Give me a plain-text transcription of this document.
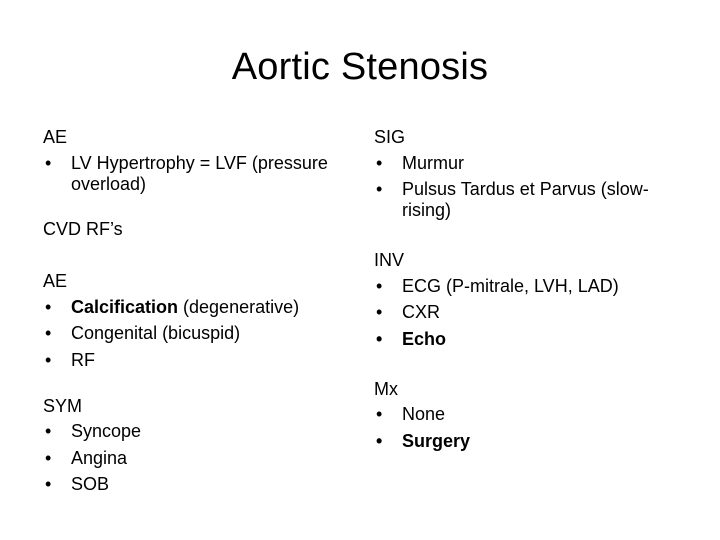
Aortic Stenosis
AE
• LV Hypertrophy = LVF (pressure overload)
CVD RF’s
AE
• Calcification (degenerative)
• Congenital (bicuspid)
• RF
SYM
• Syncope
• Angina
• SOB
SIG
• Murmur
• Pulsus Tardus et Parvus (slow-rising)
INV
• ECG (P-mitrale, LVH, LAD)
• CXR
• Echo
Mx
• None
• Surgery
